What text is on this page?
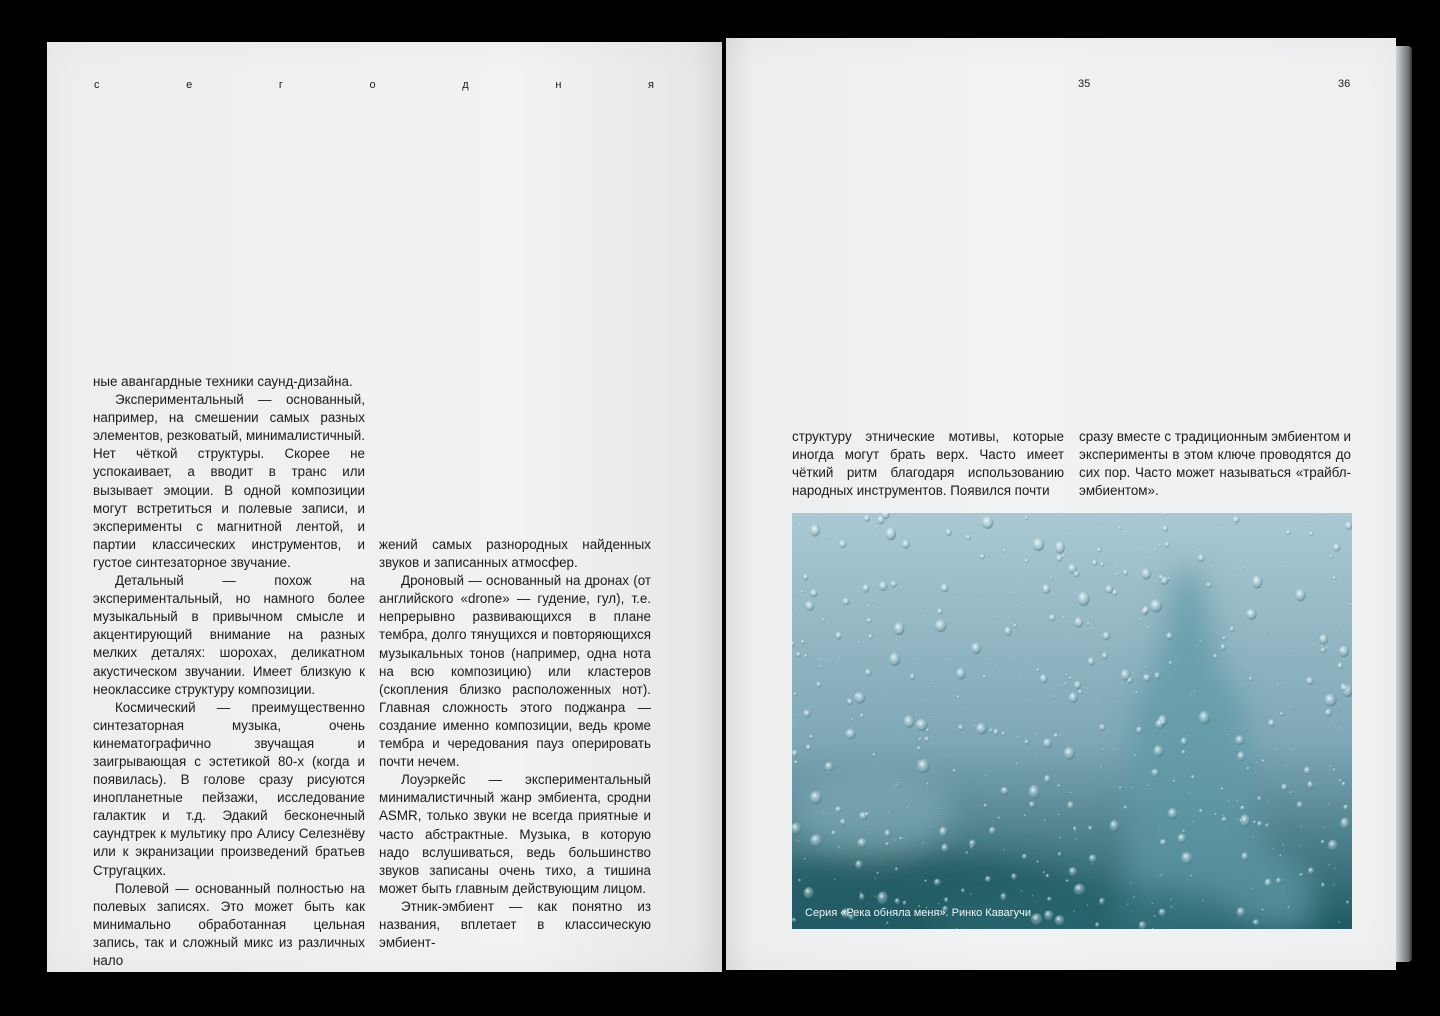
с	е	г	о	д	н	я	35	36

ные авангардные техники саунд-дизайна.

Экспериментальный — основанный, например, на смешении самых разных элементов, резковатый, минималистичный. Нет чёткой структуры. Скорее не успокаивает, а вводит в транс или вызывает эмоции. В одной композиции могут встретиться и полевые записи, и эксперименты с магнитной лентой, и партии классических инструментов, и густое синтезаторное звучание.

Детальный — похож на экспериментальный, но намного более музыкальный в привычном смысле и акцентирующий внимание на разных мелких деталях: шорохах, деликатном акустическом звучании. Имеет близкую к неоклассике структуру композиции.

Космический — преимущественно синтезаторная музыка, очень кинематографично звучащая и заигрывающая с эстетикой 80-х (когда и появилась). В голове сразу рисуются инопланетные пейзажи, исследование галактик и т.д. Эдакий бесконечный саундтрек к мультику про Алису Селезнёву или к экранизации произведений братьев Стругацких.

Полевой — основанный полностью на полевых записях. Это может быть как минимально обработанная цельная запись, так и сложный микс из различных нало

жений самых разнородных найденных звуков и записанных атмосфер.

Дроновый — основанный на дронах (от английского «drone» — гудение, гул), т.е. непрерывно развивающихся в плане тембра, долго тянущихся и повторяющихся музыкальных тонов (например, одна нота на всю композицию) или кластеров (скопления близко расположенных нот). Главная сложность этого поджанра — создание именно композиции, ведь кроме тембра и чередования пауз оперировать почти нечем.

Лоуэркейс — экспериментальный минималистичный жанр эмбиента, сродни ASMR, только звуки не всегда приятные и часто абстрактные. Музыка, в которую надо вслушиваться, ведь большинство звуков записаны очень тихо, а тишина может быть главным действующим лицом.

Этник-эмбиент — как понятно из названия, вплетает в классическую эмбиент-

структуру этнические мотивы, которые иногда могут брать верх. Часто имеет чёткий ритм благодаря использованию народных инструментов. Появился почти

сразу вместе с традиционным эмбиентом и эксперименты в этом ключе проводятся до сих пор. Часто может называться «трайбл-эмбиентом».

Серия «Река обняла меня». Ринко Кавагучи
